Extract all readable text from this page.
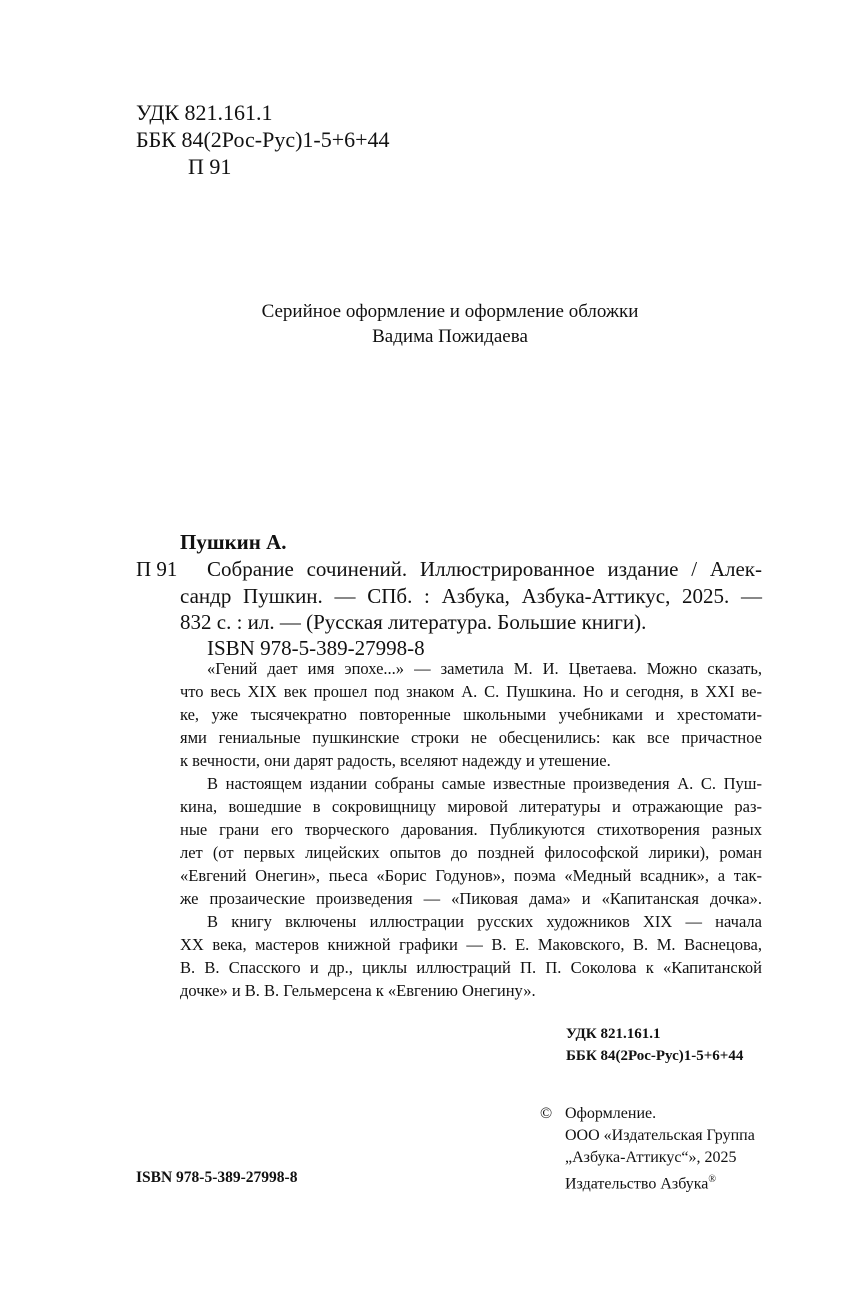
УДК 821.161.1
ББК 84(2Рос-Рус)1-5+6+44
П 91
Серийное оформление и оформление обложки
Вадима Пожидаева
Пушкин А.
П 91 Собрание сочинений. Иллюстрированное издание / Алек-
сандр Пушкин. — СПб. : Азбука, Азбука-Аттикус, 2025. —
832 с. : ил. — (Русская литература. Большие книги).
ISBN 978-5-389-27998-8
«Гений дает имя эпохе...» — заметила М. И. Цветаева. Можно сказать,
что весь XIX век прошел под знаком А. С. Пушкина. Но и сегодня, в XXI ве-
ке, уже тысячекратно повторенные школьными учебниками и хрестомати-
ями гениальные пушкинские строки не обесценились: как все причастное
к вечности, они дарят радость, вселяют надежду и утешение.
В настоящем издании собраны самые известные произведения А. С. Пуш-
кина, вошедшие в сокровищницу мировой литературы и отражающие раз-
ные грани его творческого дарования. Публикуются стихотворения разных
лет (от первых лицейских опытов до поздней философской лирики), роман
«Евгений Онегин», пьеса «Борис Годунов», поэма «Медный всадник», а так-
же прозаические произведения — «Пиковая дама» и «Капитанская дочка».
В книгу включены иллюстрации русских художников XIX — начала
XX века, мастеров книжной графики — В. Е. Маковского, В. М. Васнецова,
В. В. Спасского и др., циклы иллюстраций П. П. Соколова к «Капитанской
дочке» и В. В. Гельмерсена к «Евгению Онегину».
УДК 821.161.1
ББК 84(2Рос-Рус)1-5+6+44
© Оформление.
ООО «Издательская Группа
„Азбука-Аттикус“», 2025
Издательство Азбука®
ISBN 978-5-389-27998-8
